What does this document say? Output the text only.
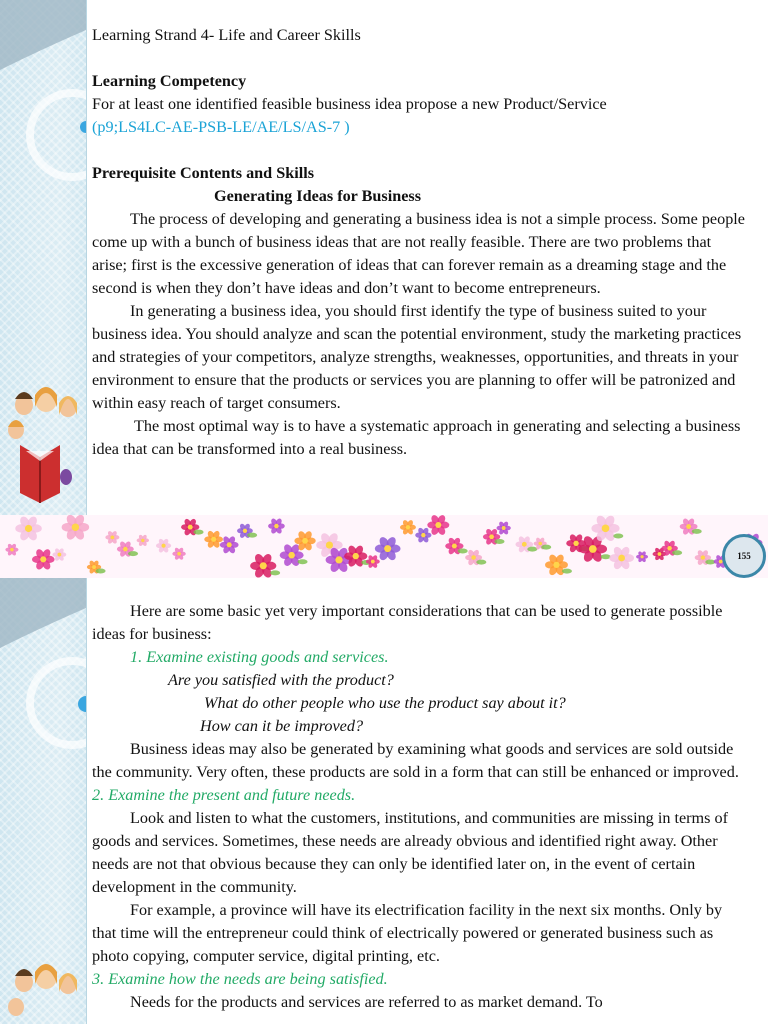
Learning Strand 4- Life and Career Skills

Learning Competency

For at least one identified feasible business idea propose a new Product/Service

(p9;LS4LC-AE-PSB-LE/AE/LS/AS-7 )

Prerequisite Contents and Skills

Generating Ideas for Business

The process of developing and generating a business idea is not a simple process. Some people come up with a bunch of business ideas that are not really feasible. There are two problems that arise; first is the excessive generation of ideas that can forever remain as a dreaming stage and the second is when they don’t have ideas and don’t want to become entrepreneurs.

In generating a business idea, you should first identify the type of business suited to your business idea. You should analyze and scan the potential environment, study the marketing practices and strategies of your competitors, analyze strengths, weaknesses, opportunities, and threats in your environment to ensure that the products or services you are planning to offer will be patronized and within easy reach of target consumers.

The most optimal way is to have a systematic approach in generating and selecting a business idea that can be transformed into a real business.

155

Here are some basic yet very important considerations that can be used to generate possible ideas for business:

1. Examine existing goods and services.

Are you satisfied with the product?

What do other people who use the product say about it?

How can it be improved?

Business ideas may also be generated by examining what goods and services are sold outside the community. Very often, these products are sold in a form that can still be enhanced or improved.

2. Examine the present and future needs.

Look and listen to what the customers, institutions, and communities are missing in terms of goods and services. Sometimes, these needs are already obvious and identified right away. Other needs are not that obvious because they can only be identified later on, in the event of certain development in the community.

For example, a province will have its electrification facility in the next six months. Only by that time will the entrepreneur could think of electrically powered or generated business such as photo copying, computer service, digital printing, etc.

3. Examine how the needs are being satisfied.

Needs for the products and services are referred to as market demand. To
